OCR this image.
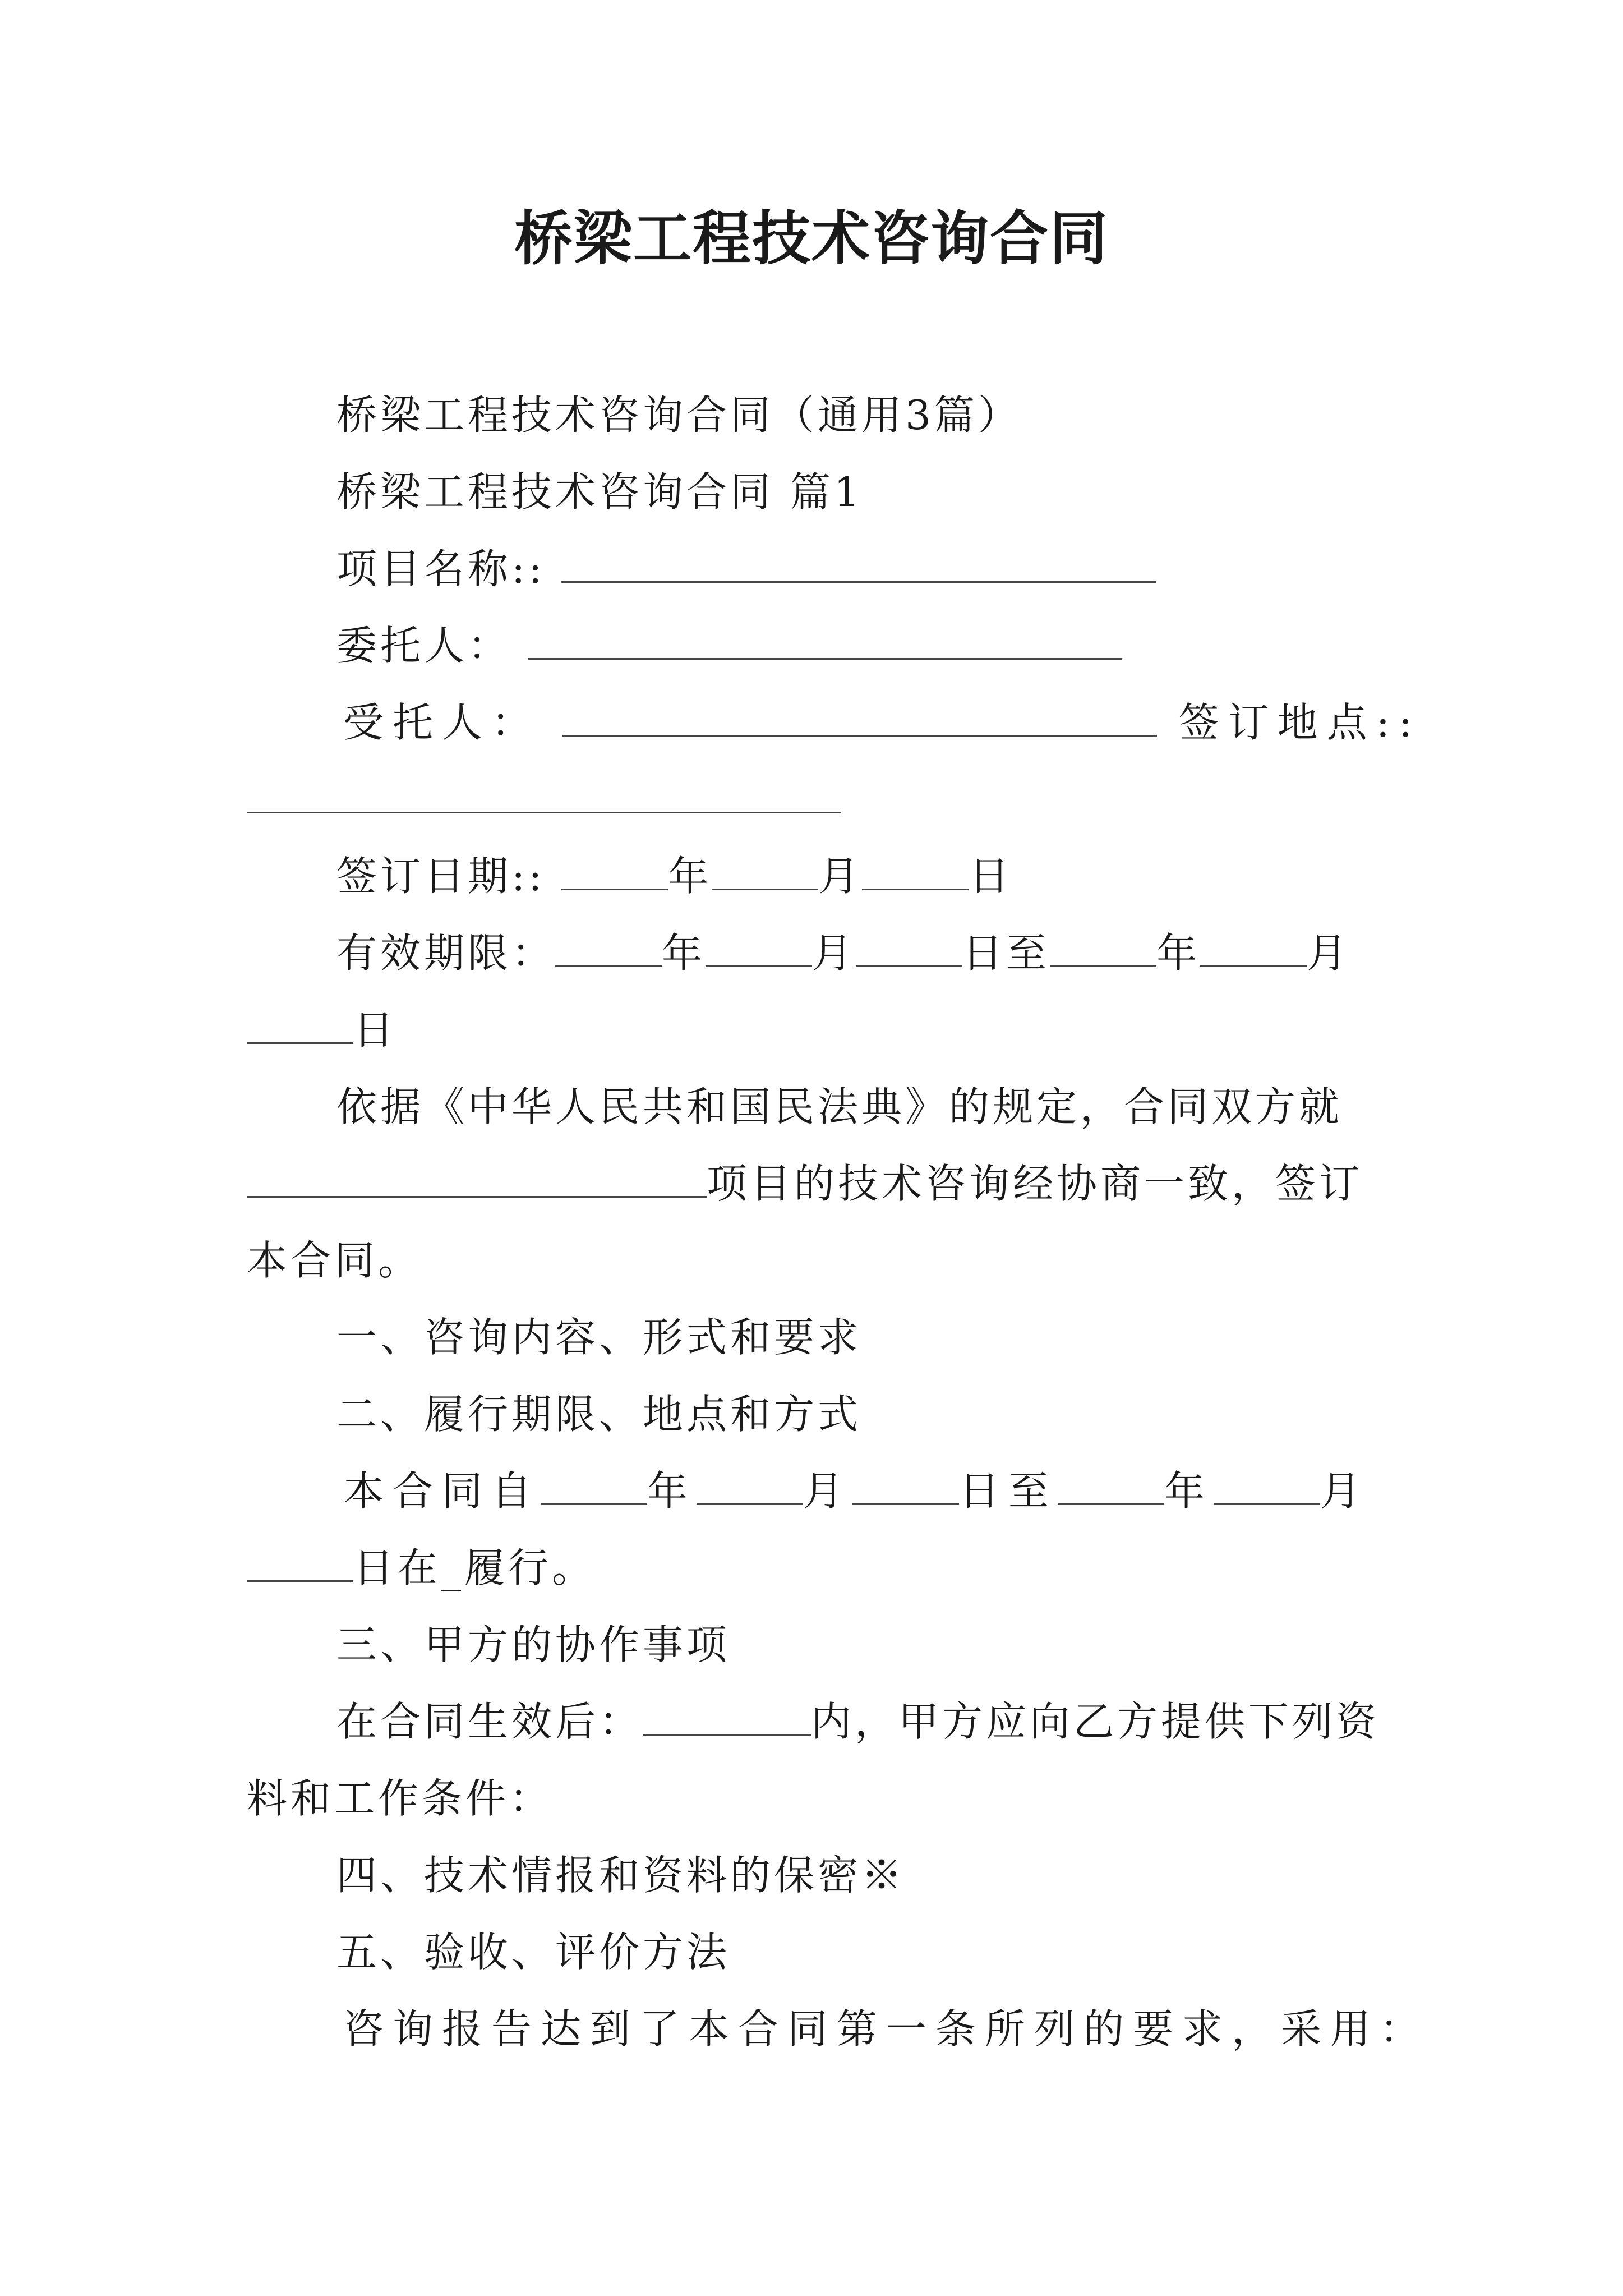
桥梁工程技术咨询合同
桥梁工程技术咨询合同（通用3篇）
桥梁工程技术咨询合同 篇1
项目名称::
委托人：
受托人：	签订地点::
签订日期::	年	月	日
有效期限：	年	月	日至	年	月
日
依据《中华人民共和国民法典》的规定，合同双方就
项目的技术咨询经协商一致，签订
本合同。
一、咨询内容、形式和要求
二、履行期限、地点和方式
本合同自	年	月	日至	年	月
日在_履行。
三、甲方的协作事项
在合同生效后：	内，甲方应向乙方提供下列资
料和工作条件：
四、技术情报和资料的保密※
五、验收、评价方法
咨询报告达到了本合同第一条所列的要求，采用：
